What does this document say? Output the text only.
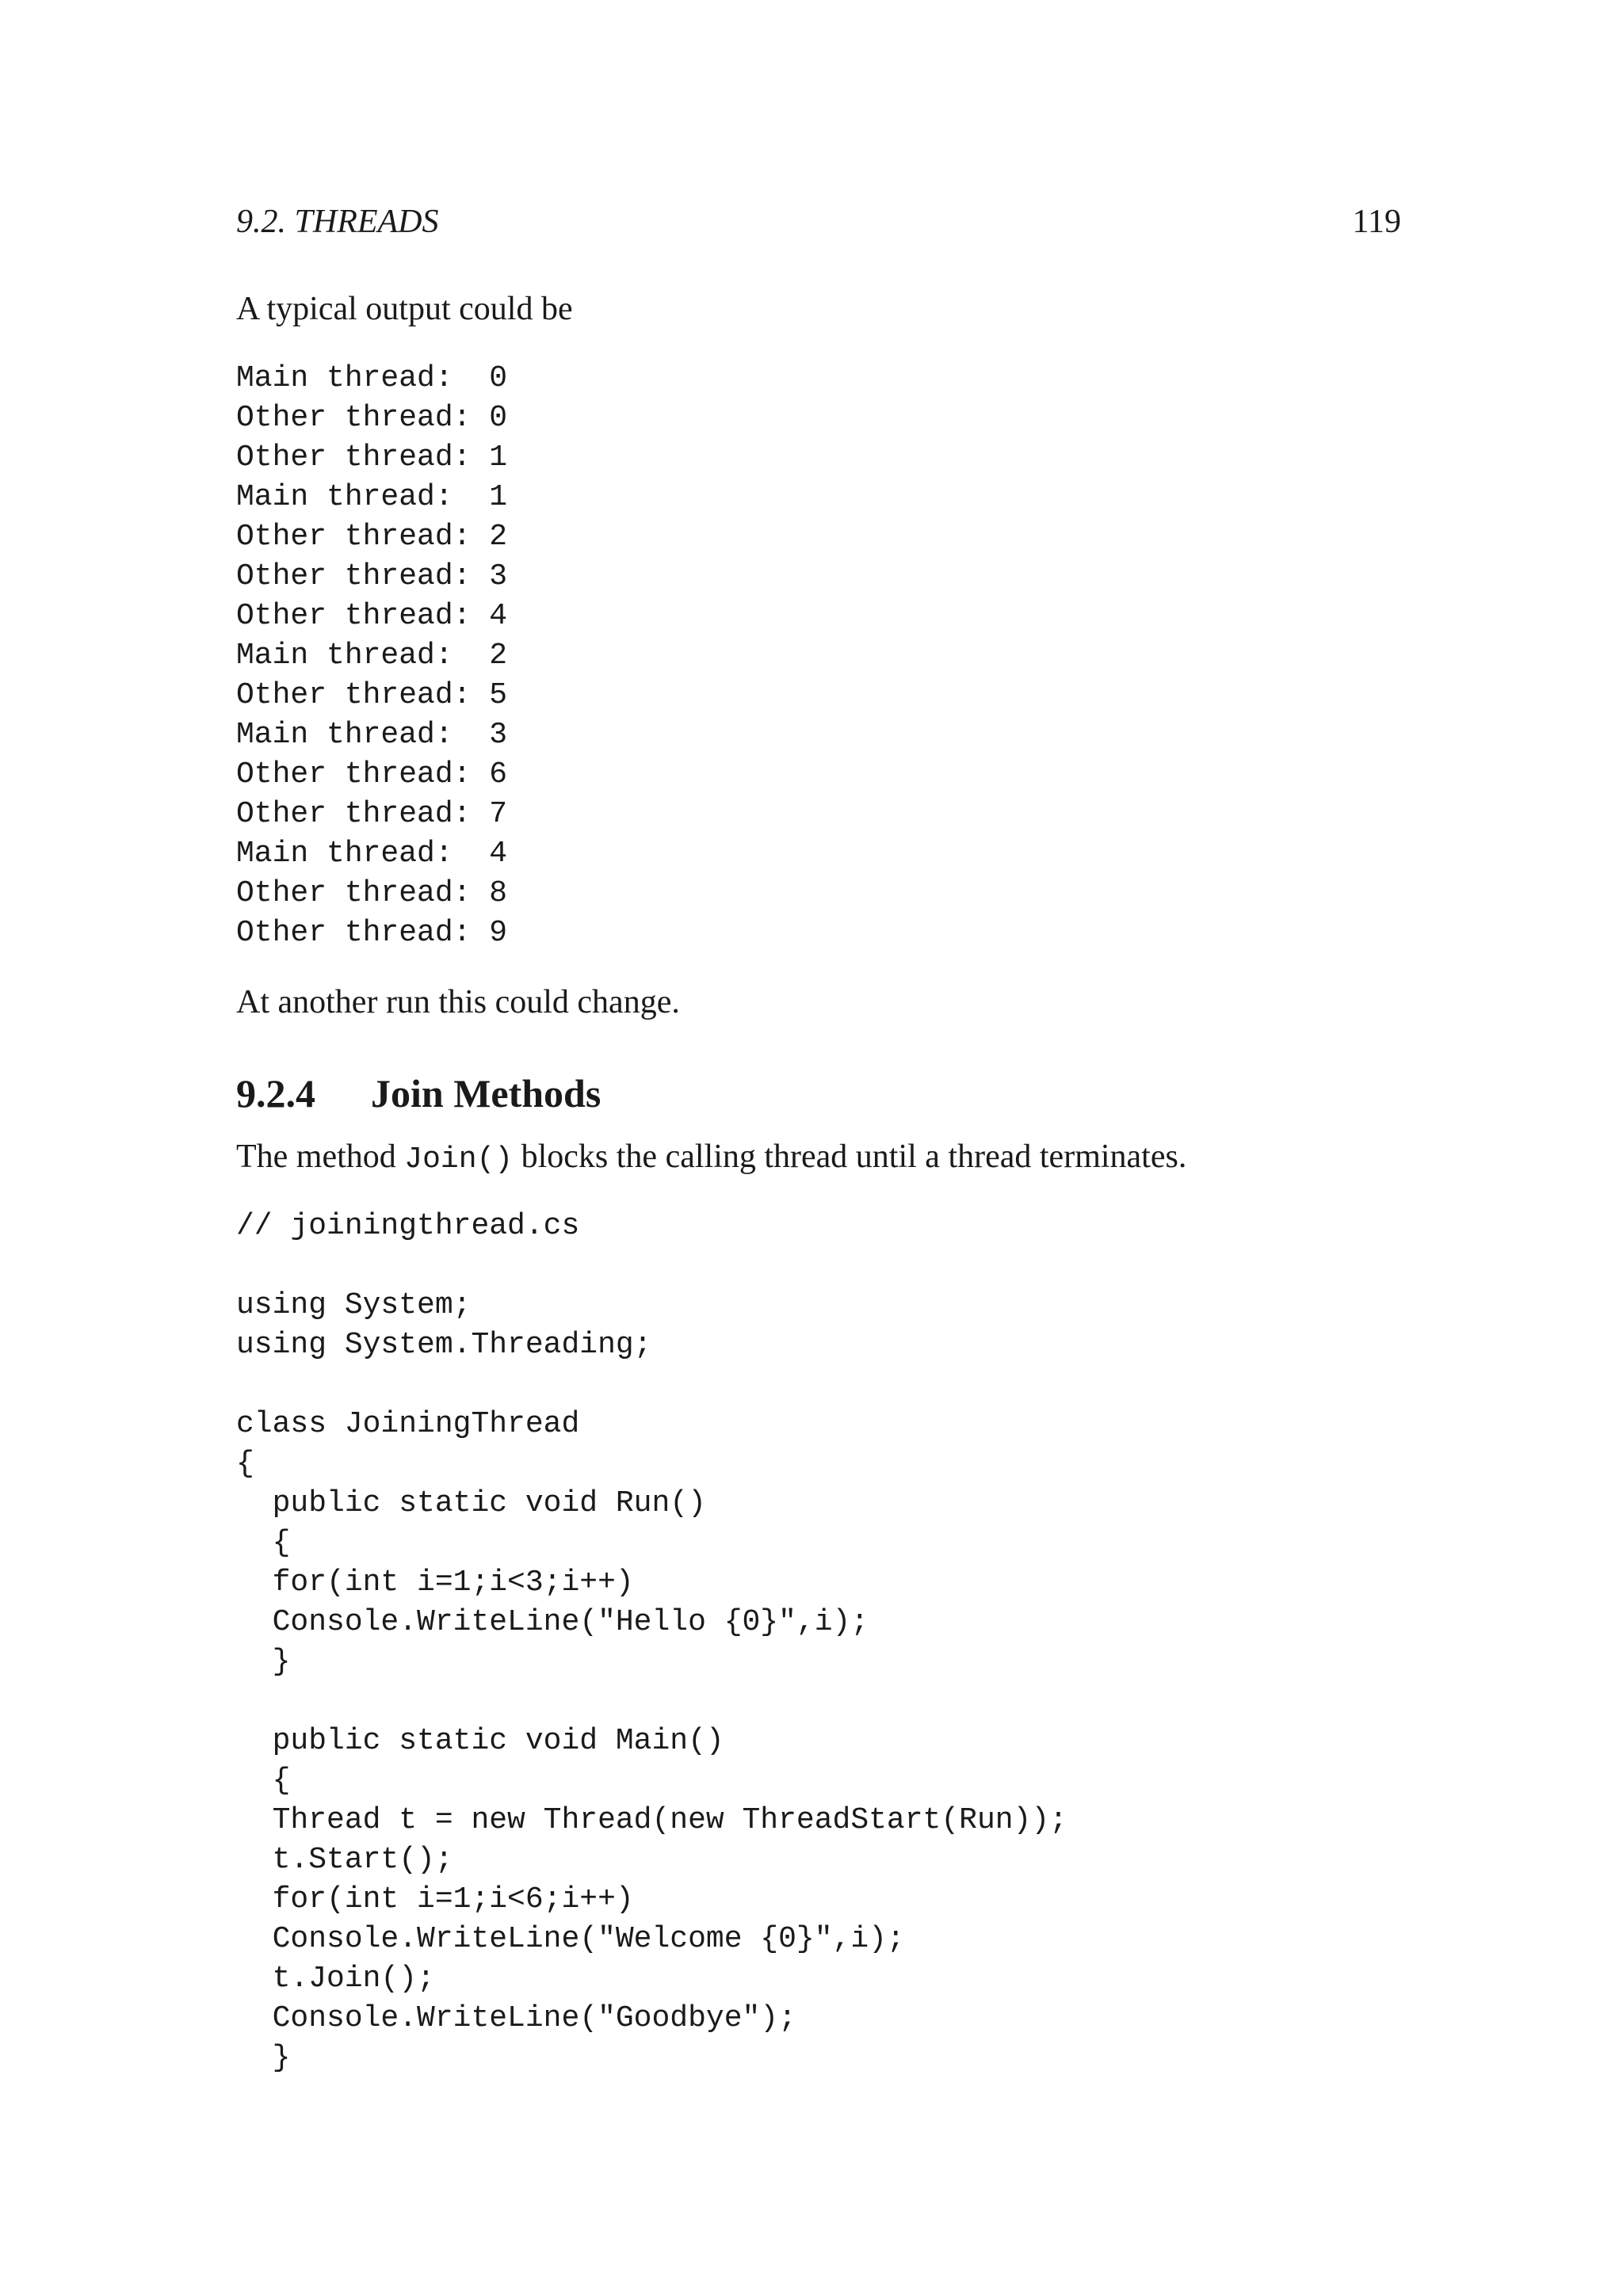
9.2. THREADS	119
A typical output could be
Main thread:  0
Other thread: 0
Other thread: 1
Main thread:  1
Other thread: 2
Other thread: 3
Other thread: 4
Main thread:  2
Other thread: 5
Main thread:  3
Other thread: 6
Other thread: 7
Main thread:  4
Other thread: 8
Other thread: 9
At another run this could change.
9.2.4 Join Methods
The method Join() blocks the calling thread until a thread terminates.
// joiningthread.cs
using System;
using System.Threading;
class JoiningThread
{
public static void Run()
{
for(int i=1;i<3;i++)
Console.WriteLine("Hello {0}",i);
}
public static void Main()
{
Thread t = new Thread(new ThreadStart(Run));
t.Start();
for(int i=1;i<6;i++)
Console.WriteLine("Welcome {0}",i);
t.Join();
Console.WriteLine("Goodbye");
}
